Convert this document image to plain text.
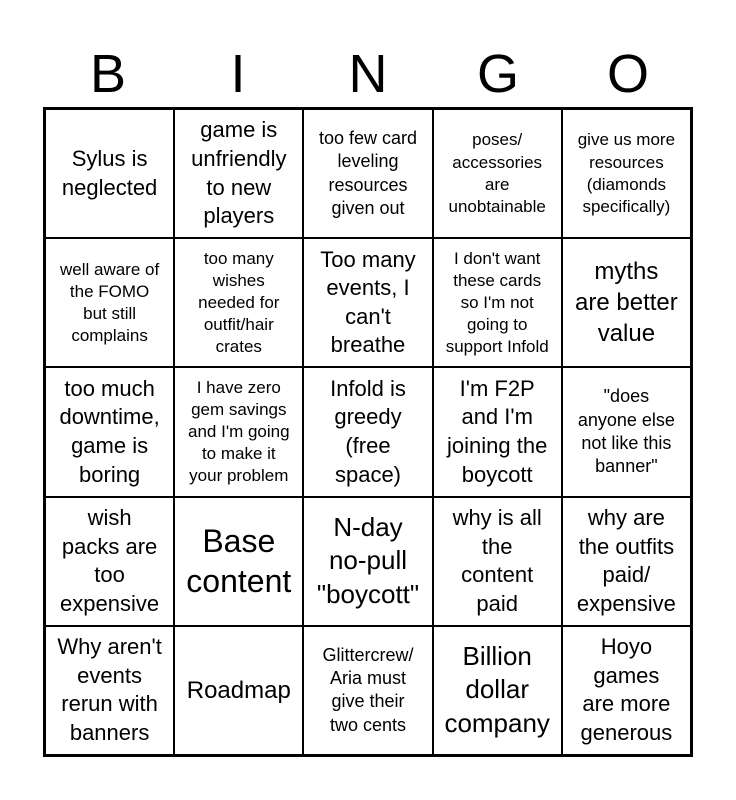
B	I	N	G	O
Sylus is
neglected
game is
unfriendly
to new
players
too few card
leveling
resources
given out
poses/
accessories
are
unobtainable
give us more
resources
(diamonds
specifically)
well aware of
the FOMO
but still
complains
too many
wishes
needed for
outfit/hair
crates
Too many
events, I
can't
breathe
I don't want
these cards
so I'm not
going to
support Infold
myths
are better
value
too much
downtime,
game is
boring
I have zero
gem savings
and I'm going
to make it
your problem
Infold is
greedy
(free
space)
I'm F2P
and I'm
joining the
boycott
"does
anyone else
not like this
banner"
wish
packs are
too
expensive
Base
content
N-day
no-pull
"boycott"
why is all
the
content
paid
why are
the outfits
paid/
expensive
Why aren't
events
rerun with
banners
Roadmap
Glittercrew/
Aria must
give their
two cents
Billion
dollar
company
Hoyo
games
are more
generous
